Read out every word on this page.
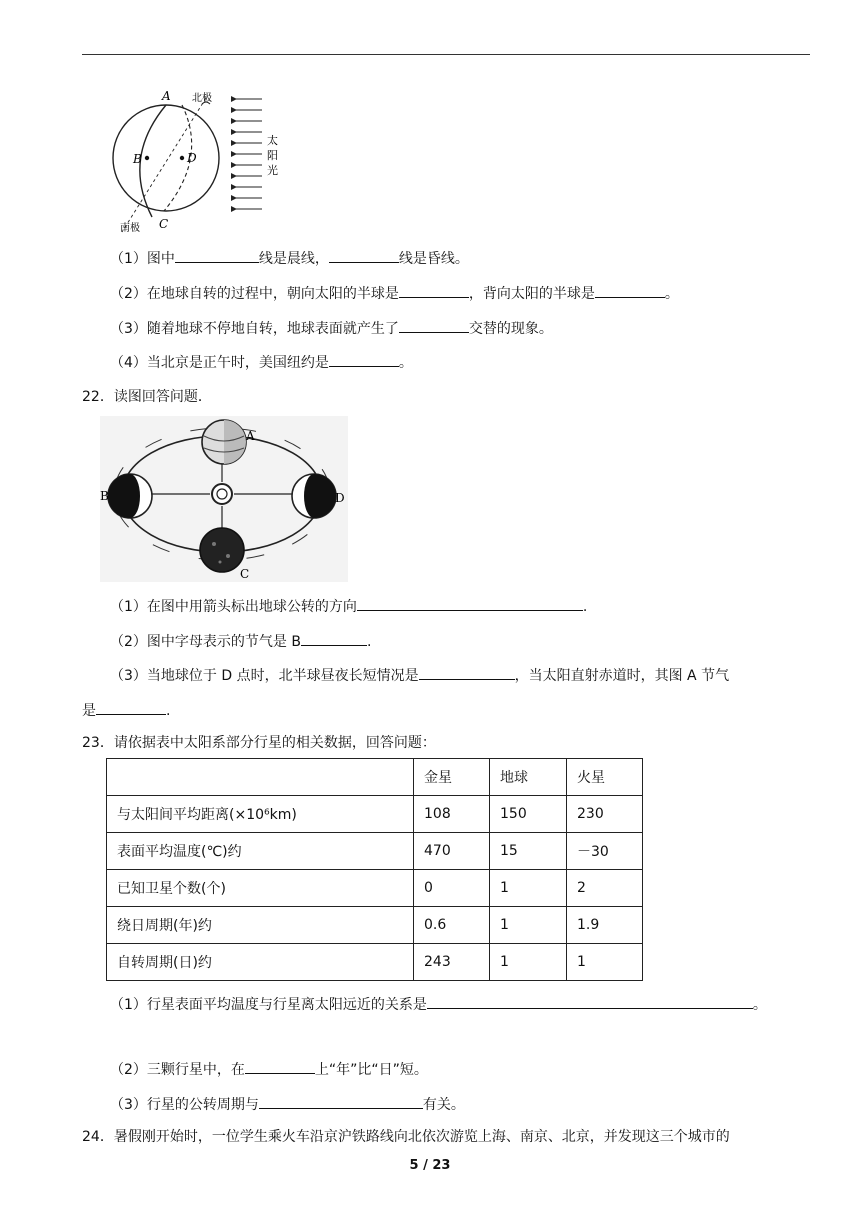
A 北极
B	D
C
南极
太
阳
光
（1）图中	线是晨线，	线是昏线。
（2）在地球自转的过程中，朝向太阳的半球是	，背向太阳的半球是	。
（3）随着地球不停地自转，地球表面就产生了	交替的现象。
（4）当北京是正午时，美国纽约是	。
22．读图回答问题．
A
B	D
C
（1）在图中用箭头标出地球公转的方向	.
（2）图中字母表示的节气是 B	.
（3）当地球位于 D 点时，北半球昼夜长短情况是	，当太阳直射赤道时，其图 A 节气
是	.
23．请依据表中太阳系部分行星的相关数据，回答问题：
	金星	地球	火星
与太阳间平均距离(×10⁶km)	108	150	230
表面平均温度(℃)约	470	15	－30
已知卫星个数(个)	0	1	2
绕日周期(年)约	0.6	1	1.9
自转周期(日)约	243	1	1
（1）行星表面平均温度与行星离太阳远近的关系是	。
（2）三颗行星中，在	上“年”比“日”短。
（3）行星的公转周期与	有关。
24．暑假刚开始时，一位学生乘火车沿京沪铁路线向北依次游览上海、南京、北京，并发现这三个城市的
5 / 23
